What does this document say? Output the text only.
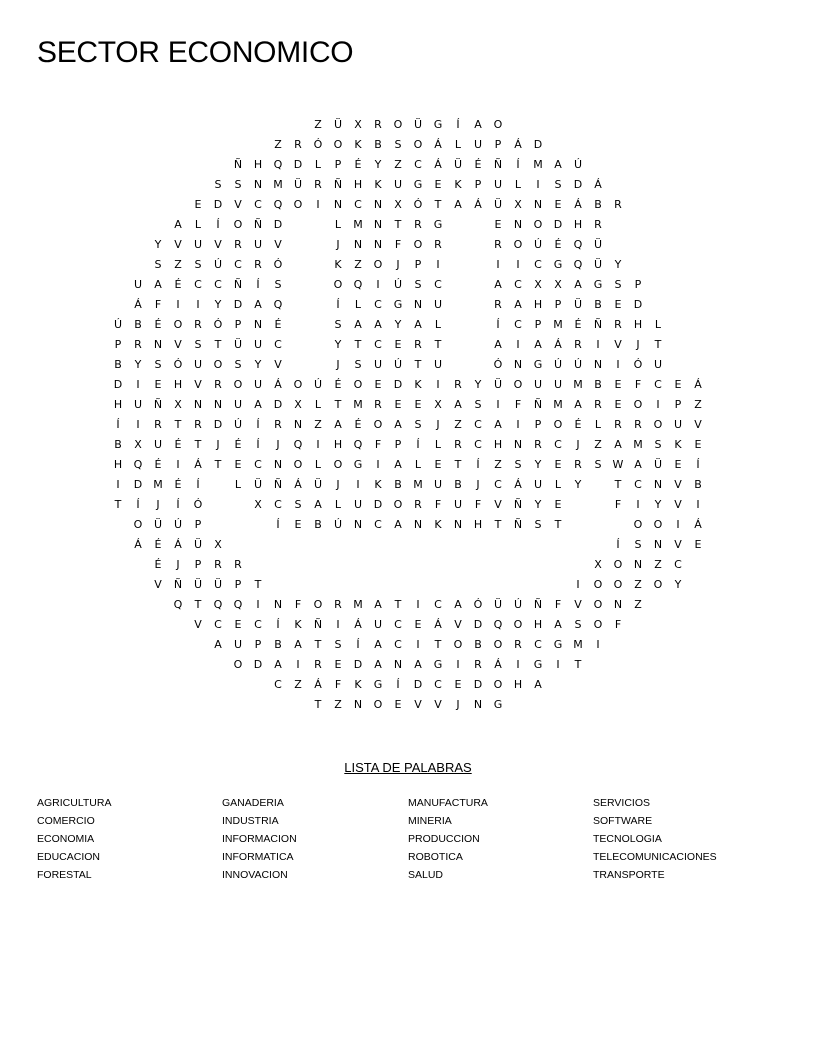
SECTOR ECONOMICO
Z	Ü	X	R	O	Ü	G	Í	A	O
Z	R	Ó	O	K	B	S	O	Á	L	U	P	Á	D
Ñ	H	Q	D	L	P	É	Y	Z	C	Á	Ü	É	Ñ	Í	M	A	Ú
S	S	N	M	Ü	R	Ñ	H	K	U	G	E	K	P	U	L	I	S	D	Á
E	D	V	C	Q	O	I	N	C	N	X	Ó	T	A	Á	Ü	X	N	E	Á	B	R
A	L	Í	O	Ñ	D	L	M	N	T	R	G	E	N	O	D	H	R
Y	V	U	V	R	U	V	J	N	N	F	O	R	R	O	Ú	É	Q	Ü
S	Z	S	Ú	C	R	Ó	K	Z	O	J	P	I	I	I	C	G	Q	Ü	Y
U	A	É	C	C	Ñ	Í	S	O	Q	I	Ú	S	C	A	C	X	X	A	G	S	P
Á	F	I	I	Y	D	A	Q	Í	L	C	G	N	U	R	A	H	P	Ü	B	E	D
Ú	B	É	O	R	Ó	P	N	É	S	A	A	Y	A	L	Í	C	P	M	É	Ñ	R	H	L
P	R	N	V	S	T	Ü	U	C	Y	T	C	E	R	T	A	I	A	Á	R	I	V	J	T
B	Y	S	Ó	U	O	S	Y	V	J	S	U	Ú	T	U	Ó	N	G	Ú	Ú	N	I	Ó	U
D	I	E	H	V	R	O	U	Á	O	Ú	É	O	E	D	K	I	R	Y	Ü	O	U	U	M	B	E	F	C	E	Á
H	U	Ñ	X	N	N	U	A	D	X	L	T	M	R	E	E	X	A	S	I	F	Ñ	M	A	R	E	O	I	P	Z
Í	I	R	T	R	D	Ú	Í	R	N	Z	A	É	O	A	S	J	Z	C	A	I	P	O	É	L	R	R	O	U	V
B	X	U	É	T	J	É	Í	J	Q	I	H	Q	F	P	Í	L	R	C	H	N	R	C	J	Z	A	M	S	K	E
H	Q	É	I	Á	T	E	C	N	O	L	O	G	I	A	L	E	T	Í	Z	S	Y	E	R	S	W A	Ü	E	Í
I	D	M	É	Í	L	Ü	Ñ	Á	Ü	J	I	K	B	M	U	B	J	C	Á	U	L	Y	T	C	N	V	B
T	Í	J	Í	Ó	X	C	S	A	L	U	D	O	R	F	U	F	V	Ñ	Y	E	F	I	Y	V	I
O	Ü	Ú	P	Í	E	B	Ú	N	C	A	N	K	N	H	T	Ñ	S	T	O	O	I	Á
Á	É	Á	Ü	X	Í	S	N	V	E
É	J	P	R	R	X	O	N	Z	C
V	Ñ	Ü	Ü	P	T	I	O	O	Z	O	Y
Q	T	Q	Q	I	N	F	O	R	M	A	T	I	C	A	Ó	Ü	Ú	Ñ	F	V	O	N	Z
V	C	E	C	Í	K	Ñ	I	Á	U	C	E	Á	V	D	Q	O	H	A	S	O	F
A	U	P	B	A	T	S	Í	A	C	I	T	O	B	O	R	C	G M	I
O	D	A	I	R	E	D	A	N	A	G	I	R	Á	I	G	I	T
C	Z	Á	F	K	G	Í	D	C	E	D	O	H	A
T	Z	N	O	E	V	V	J	N	G
LISTA DE PALABRAS
AGRICULTURA
COMERCIO
ECONOMIA
EDUCACION
FORESTAL
GANADERIA
INDUSTRIA
INFORMACION
INFORMATICA
INNOVACION
MANUFACTURA
MINERIA
PRODUCCION
ROBOTICA
SALUD
SERVICIOS
SOFTWARE
TECNOLOGIA
TELECOMUNICACIONES
TRANSPORTE
